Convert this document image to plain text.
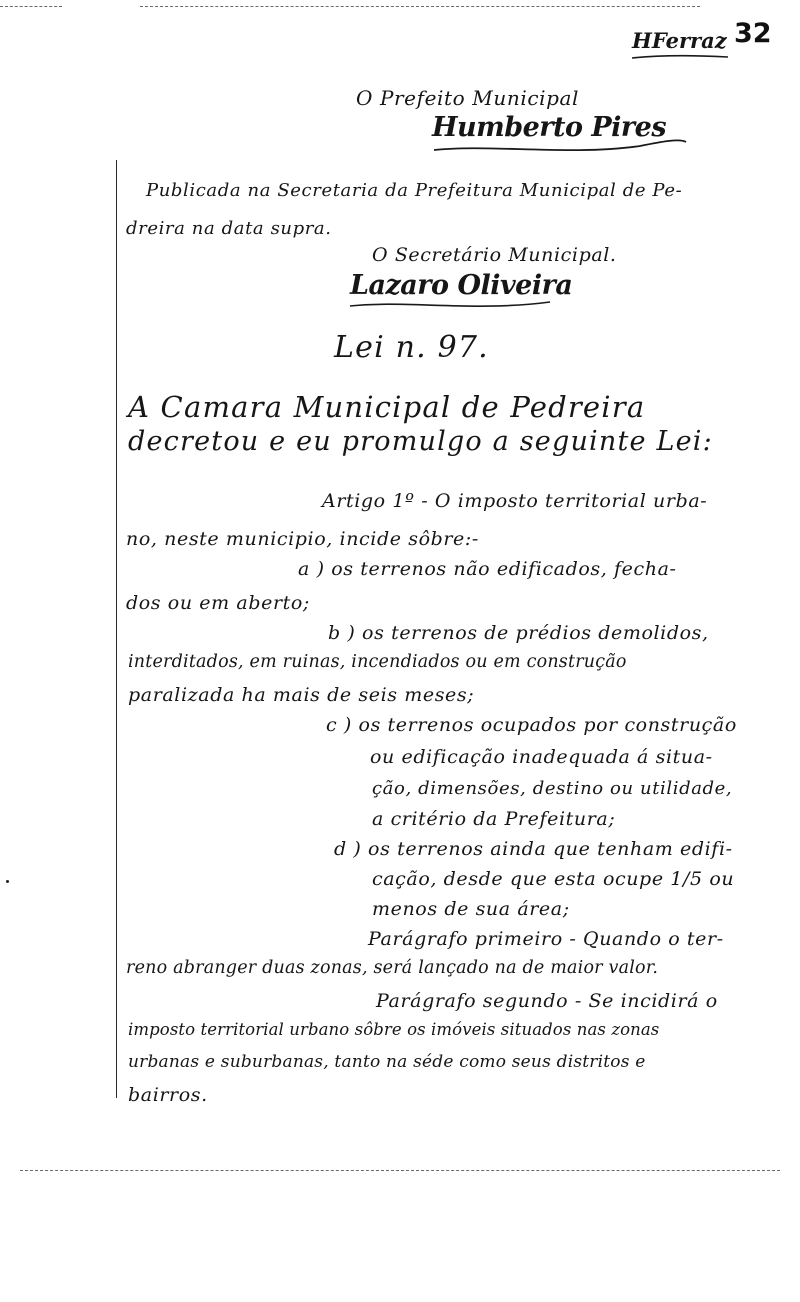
HFerraz 32
O Prefeito Municipal
Humberto Pires
Publicada na Secretaria da Prefeitura Municipal de Pe-
dreira na data supra.
O Secretário Municipal.
Lazaro Oliveira
Lei n. 97.
A Camara Municipal de Pedreira
decretou e eu promulgo a seguinte Lei:
Artigo 1º - O imposto territorial urba-
no, neste municipio, incide sôbre:-
a ) os terrenos não edificados, fecha-
dos ou em aberto;
b ) os terrenos de prédios demolidos,
interditados, em ruinas, incendiados ou em construção
paralizada ha mais de seis meses;
c ) os terrenos ocupados por construção
ou edificação inadequada á situa-
ção, dimensões, destino ou utilidade,
a critério da Prefeitura;
d ) os terrenos ainda que tenham edifi-
cação, desde que esta ocupe 1/5 ou
menos de sua área;
Parágrafo primeiro - Quando o ter-
reno abranger duas zonas, será lançado na de maior valor.
Parágrafo segundo - Se incidirá o
imposto territorial urbano sôbre os imóveis situados nas zonas
urbanas e suburbanas, tanto na séde como seus distritos e
bairros.
